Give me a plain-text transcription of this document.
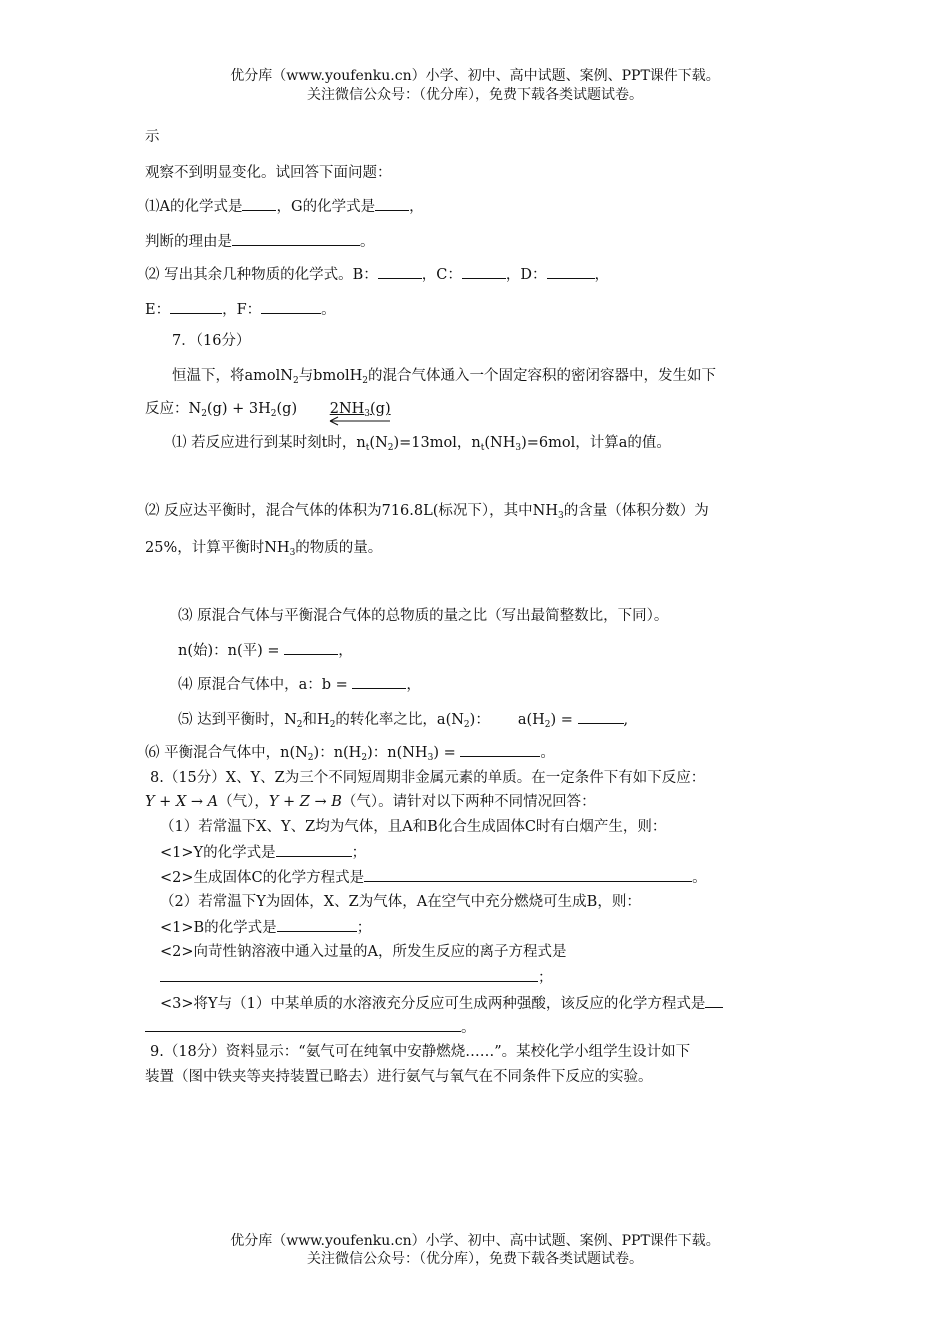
优分库（www.youfenku.cn）小学、初中、高中试题、案例、PPT课件下载。
关注微信公众号：（优分库），免费下载各类试题试卷。
示
观察不到明显变化。试回答下面问题：
⑴A的化学式是 ，G的化学式是 ，
判断的理由是	。
⑵ 写出其余几种物质的化学式。B：	，C：	，D：	，
E：	，F：	。
7．（16分）
恒温下，将amolN$_2$与bmolH$_2$的混合气体通入一个固定容积的密闭容器中，发生如下
反应：$N_2(g) + 3H_2(g)$ $2NH_3(g)$
⑴ 若反应进行到某时刻t时，$n_t(N_2)=13mol$，$n_t(NH_3)=6mol$，计算a的值。
⑵ 反应达平衡时，混合气体的体积为716.8L(标况下），其中$NH_3$的含量（体积分数）为
25%，计算平衡时$NH_3$的物质的量。
⑶ 原混合气体与平衡混合气体的总物质的量之比（写出最简整数比，下同）。
n(始)：n(平) =	，
⑷ 原混合气体中，a：b =	，
⑸ 达到平衡时，$N_2$和$H_2$的转化率之比，$a(N_2)$： $a(H_2)$ =	,
⑹ 平衡混合气体中，$n(N_2)$：$n(H_2)$：$n(NH_3)$ =	。
8.（15分）X、Y、Z为三个不同短周期非金属元素的单质。在一定条件下有如下反应：
Y + X → A（气），Y + Z → B（气）。请针对以下两种不同情况回答：
（1）若常温下X、Y、Z均为气体，且A和B化合生成固体C时有白烟产生，则：
<1>Y的化学式是	；
<2>生成固体C的化学方程式是	。
（2）若常温下Y为固体，X、Z为气体，A在空气中充分燃烧可生成B，则：
<1>B的化学式是	；
<2>向苛性钠溶液中通入过量的A，所发生反应的离子方程式是
；
<3>将Y与（1）中某单质的水溶液充分反应可生成两种强酸，该反应的化学方程式是
。
9.（18分）资料显示：“氨气可在纯氧中安静燃烧……”。某校化学小组学生设计如下
装置（图中铁夹等夹持装置已略去）进行氨气与氧气在不同条件下反应的实验。
优分库（www.youfenku.cn）小学、初中、高中试题、案例、PPT课件下载。
关注微信公众号：（优分库），免费下载各类试题试卷。
